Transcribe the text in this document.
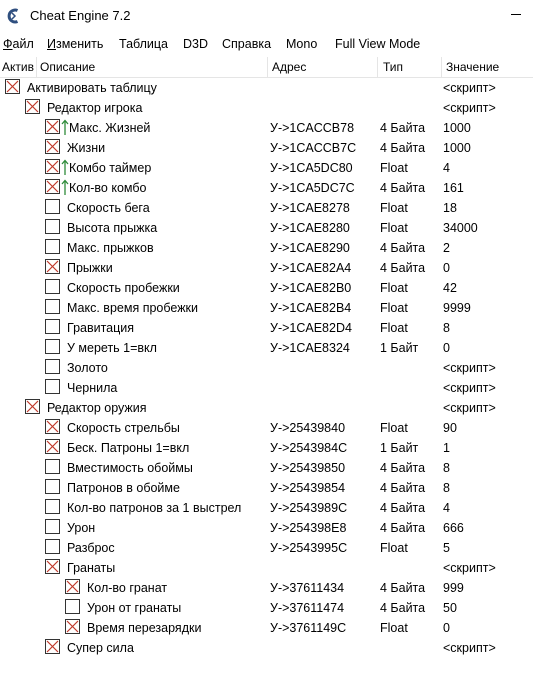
Cheat Engine 7.2
Файл Изменить Таблица D3D Справка Mono Full View Mode
Актив Описание	Адрес	Тип	Значение
Активировать таблицу	<скрипт>
Редактор игрока	<скрипт>
Макс. Жизней	У->1CACCB78 4 Байта 1000
Жизни	У->1CACCB7C 4 Байта 1000
Комбо таймер	У->1CA5DC80 Float	4
Кол-во комбо	У->1CA5DC7C 4 Байта 161
Скорость бега	У->1CAE8278 Float	18
Высота прыжка	У->1CAE8280 Float	34000
Макс. прыжков	У->1CAE8290 4 Байта 2
Прыжки	У->1CAE82A4 4 Байта 0
Скорость пробежки	У->1CAE82B0 Float	42
Макс. время пробежки	У->1CAE82B4 Float	9999
Гравитация	У->1CAE82D4 Float	8
У мереть 1=вкл	У->1CAE8324 1 Байт 0
Золото	<скрипт>
Чернила	<скрипт>
Редактор оружия	<скрипт>
Скорость стрельбы	У->25439840	Float	90
Беск. Патроны 1=вкл	У->2543984C	1 Байт 1
Вместимость обоймы	У->25439850	4 Байта 8
Патронов в обойме	У->25439854	4 Байта 8
Кол-во патронов за 1 выстрел У->2543989C	4 Байта 4
Урон	У->254398E8	4 Байта 666
Разброс	У->2543995C	Float	5
Гранаты	<скрипт>
Кол-во гранат	У->37611434	4 Байта 999
Урон от гранаты	У->37611474	4 Байта 50
Время перезарядки	У->3761149C	Float	0
Супер сила	<скрипт>
